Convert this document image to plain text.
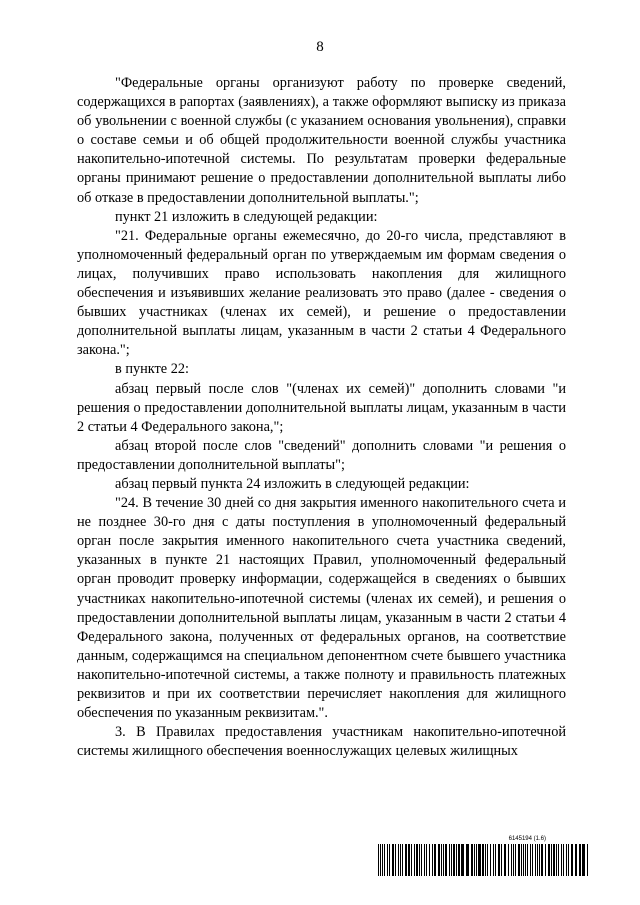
8

"Федеральные органы организуют работу по проверке сведений, содержащихся в рапортах (заявлениях), а также оформляют выписку из приказа об увольнении с военной службы (с указанием основания увольнения), справки о составе семьи и об общей продолжительности военной службы участника накопительно-ипотечной системы. По результатам проверки федеральные органы принимают решение о предоставлении дополнительной выплаты либо об отказе в предоставлении дополнительной выплаты.";

пункт 21 изложить в следующей редакции:

"21. Федеральные органы ежемесячно, до 20-го числа, представляют в уполномоченный федеральный орган по утверждаемым им формам сведения о лицах, получивших право использовать накопления для жилищного обеспечения и изъявивших желание реализовать это право (далее - сведения о бывших участниках (членах их семей), и решение о предоставлении дополнительной выплаты лицам, указанным в части 2 статьи 4 Федерального закона.";

в пункте 22:

абзац первый после слов "(членах их семей)" дополнить словами "и решения о предоставлении дополнительной выплаты лицам, указанным в части 2 статьи 4 Федерального закона,";

абзац второй после слов "сведений" дополнить словами "и решения о предоставлении дополнительной выплаты";

абзац первый пункта 24 изложить в следующей редакции:

"24. В течение 30 дней со дня закрытия именного накопительного счета и не позднее 30-го дня с даты поступления в уполномоченный федеральный орган после закрытия именного накопительного счета участника сведений, указанных в пункте 21 настоящих Правил, уполномоченный федеральный орган проводит проверку информации, содержащейся в сведениях о бывших участниках накопительно-ипотечной системы (членах их семей), и решения о предоставлении дополнительной выплаты лицам, указанным в части 2 статьи 4 Федерального закона, полученных от федеральных органов, на соответствие данным, содержащимся на специальном депонентном счете бывшего участника накопительно-ипотечной системы, а также полноту и правильность платежных реквизитов и при их соответствии перечисляет накопления для жилищного обеспечения по указанным реквизитам.".

3. В Правилах предоставления участникам накопительно-ипотечной системы жилищного обеспечения военнослужащих целевых жилищных

6145194 (1.6)
